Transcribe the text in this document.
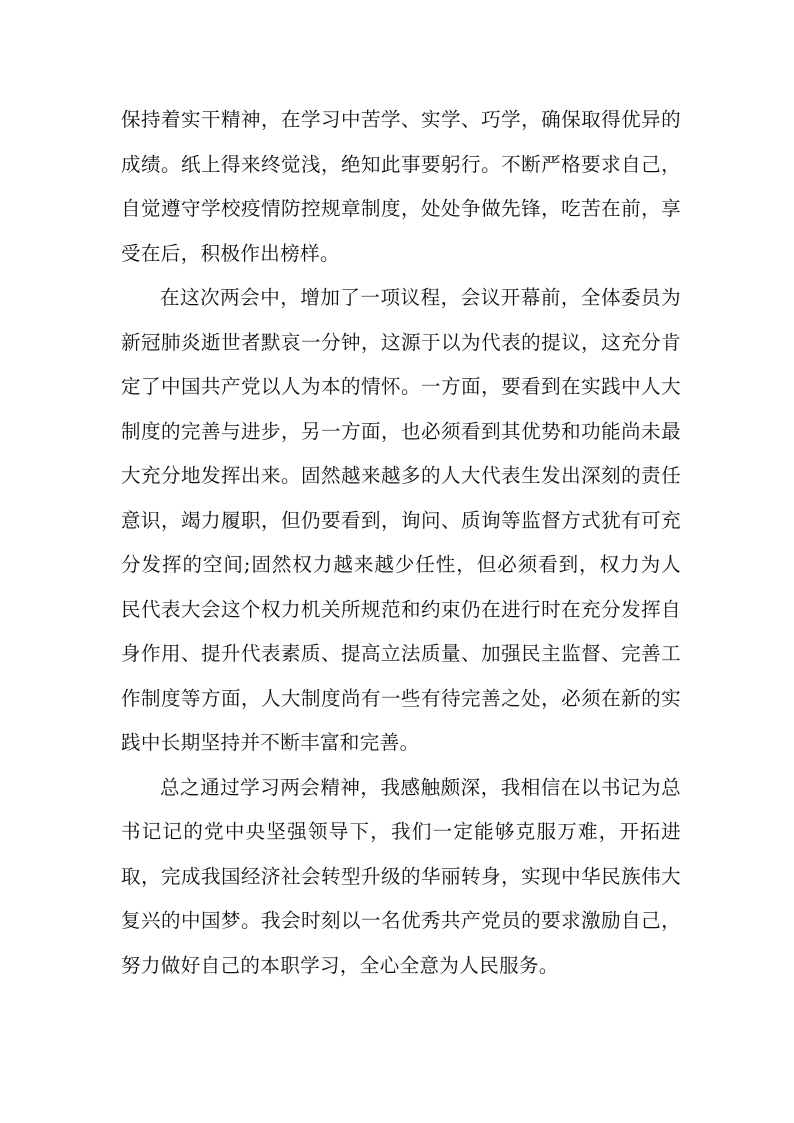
保持着实干精神，在学习中苦学、实学、巧学，确保取得优异的成绩。纸上得来终觉浅，绝知此事要躬行。不断严格要求自己，自觉遵守学校疫情防控规章制度，处处争做先锋，吃苦在前，享受在后，积极作出榜样。

在这次两会中，增加了一项议程，会议开幕前，全体委员为新冠肺炎逝世者默哀一分钟，这源于以为代表的提议，这充分肯定了中国共产党以人为本的情怀。一方面，要看到在实践中人大制度的完善与进步，另一方面，也必须看到其优势和功能尚未最大充分地发挥出来。固然越来越多的人大代表生发出深刻的责任意识，竭力履职，但仍要看到，询问、质询等监督方式犹有可充分发挥的空间;固然权力越来越少任性，但必须看到，权力为人民代表大会这个权力机关所规范和约束仍在进行时在充分发挥自身作用、提升代表素质、提高立法质量、加强民主监督、完善工作制度等方面，人大制度尚有一些有待完善之处，必须在新的实践中长期坚持并不断丰富和完善。

总之通过学习两会精神，我感触颇深，我相信在以书记为总书记记的党中央坚强领导下，我们一定能够克服万难，开拓进取，完成我国经济社会转型升级的华丽转身，实现中华民族伟大复兴的中国梦。我会时刻以一名优秀共产党员的要求激励自己，努力做好自己的本职学习，全心全意为人民服务。
